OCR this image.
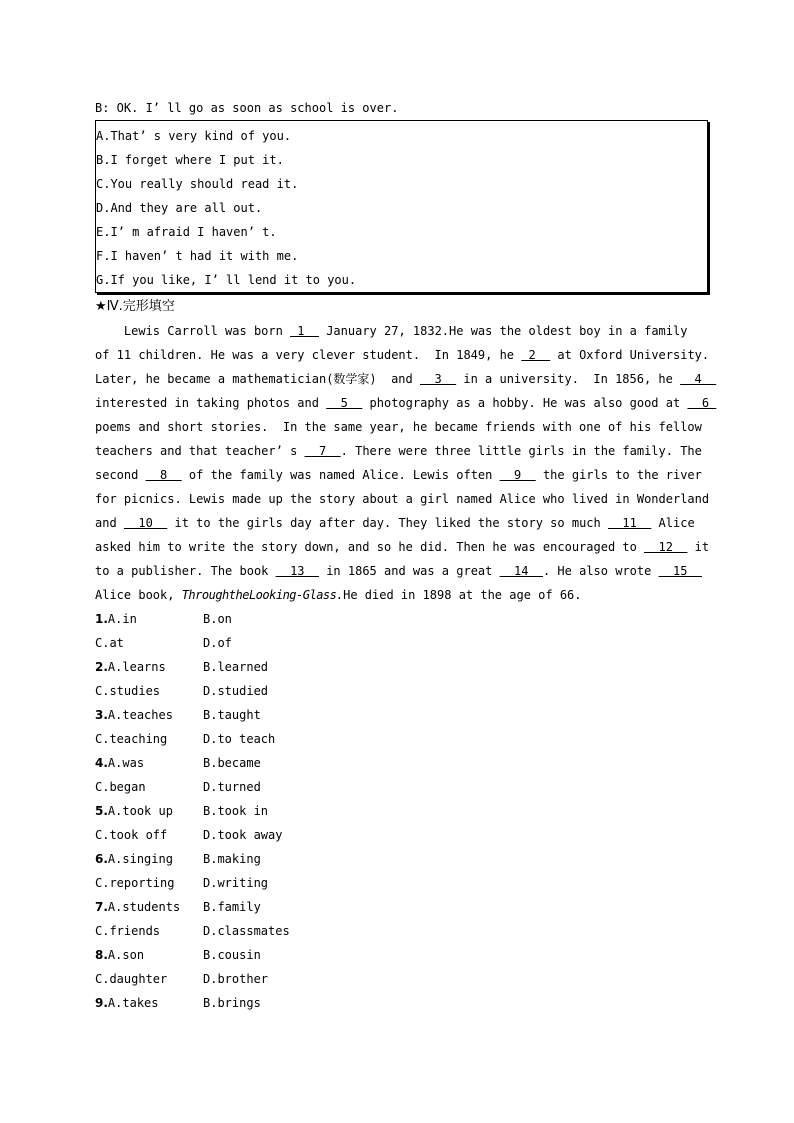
B: OK. I’ ll go as soon as school is over.
A.That’ s very kind of you.
B.I forget where I put it.
C.You really should read it.
D.And they are all out.
E.I’ m afraid I haven’ t.
F.I haven’ t had it with me.
G.If you like, I’ ll lend it to you.
★Ⅳ.完形填空
Lewis Carroll was born  1   January 27, 1832.He was the oldest boy in a family
of 11 children. He was a very clever student.  In 1849, he  2   at Oxford University.
Later, he became a mathematician(数学家)  and   3   in a university.  In 1856, he   4
interested in taking photos and   5   photography as a hobby. He was also good at   6
poems and short stories.  In the same year, he became friends with one of his fellow
teachers and that teacher’ s   7  . There were three little girls in the family. The
second   8   of the family was named Alice. Lewis often   9   the girls to the river
for picnics. Lewis made up the story about a girl named Alice who lived in Wonderland
and   10   it to the girls day after day. They liked the story so much   11   Alice
asked him to write the story down, and so he did. Then he was encouraged to   12   it
to a publisher. The book   13   in 1865 and was a great   14  . He also wrote   15
Alice book, ThroughtheLooking-Glass.He died in 1898 at the age of 66.
1.A.in	B.on
C.at	D.of
2.A.learns	B.learned
C.studies	D.studied
3.A.teaches	B.taught
C.teaching	D.to teach
4.A.was	B.became
C.began	D.turned
5.A.took up	B.took in
C.took off	D.took away
6.A.singing	B.making
C.reporting	D.writing
7.A.students	B.family
C.friends	D.classmates
8.A.son	B.cousin
C.daughter	D.brother
9.A.takes	B.brings
